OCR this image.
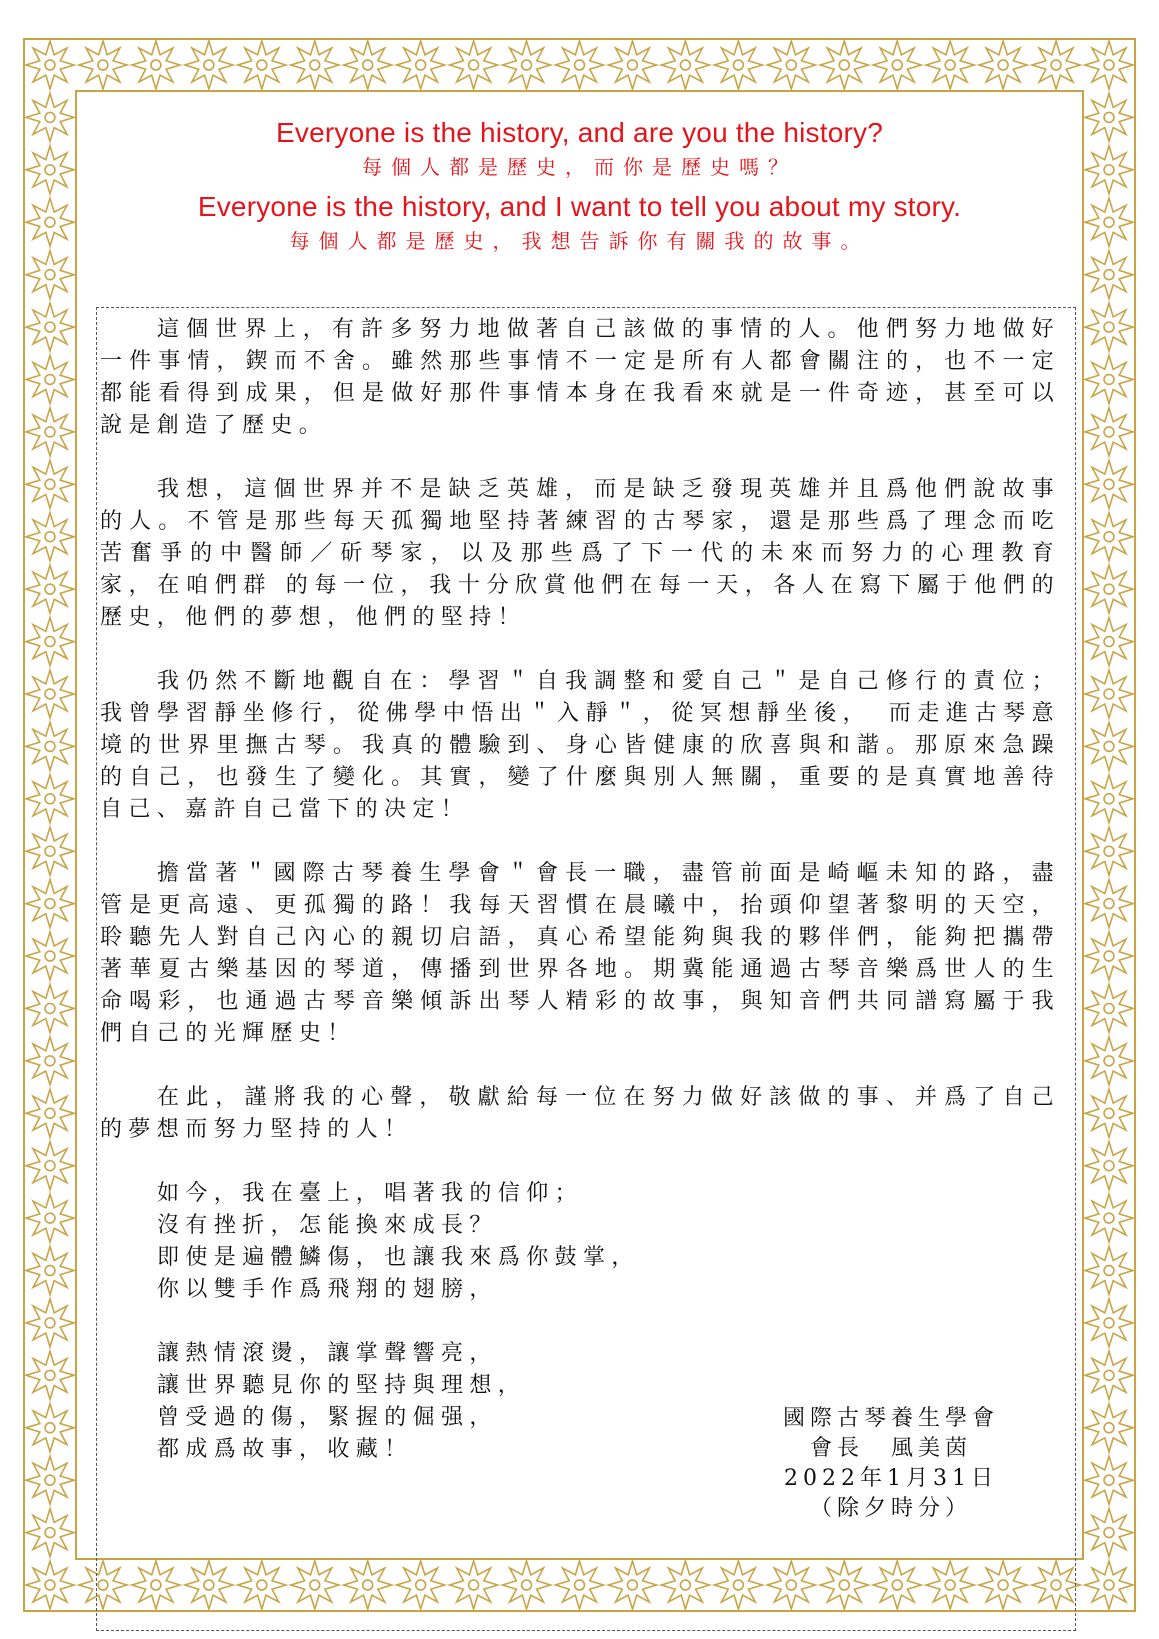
Everyone is the history, and are you the history?
每個人都是歷史，而你是歷史嗎？
Everyone is the history, and I want to tell you about my story.
每個人都是歷史，我想告訴你有關我的故事。

這個世界上，有許多努力地做著自己該做的事情的人。他們努力地做好一件事情，鍥而不舍。雖然那些事情不一定是所有人都會關注的，也不一定都能看得到成果，但是做好那件事情本身在我看來就是一件奇迹，甚至可以說是創造了歷史。

我想，這個世界并不是缺乏英雄，而是缺乏發現英雄并且爲他們說故事的人。不管是那些每天孤獨地堅持著練習的古琴家，還是那些爲了理念而吃苦奮爭的中醫師／斫琴家，以及那些爲了下一代的未來而努力的心理教育家，在咱們群 的每一位，我十分欣賞他們在每一天，各人在寫下屬于他們的歷史，他們的夢想，他們的堅持！

我仍然不斷地觀自在：學習＂自我調整和愛自己＂是自己修行的責位；我曾學習靜坐修行，從佛學中悟出＂入靜＂，從冥想靜坐後，　而走進古琴意境的世界里撫古琴。我真的體驗到、身心皆健康的欣喜與和諧。那原來急躁的自己，也發生了變化。其實，變了什麼與別人無關，重要的是真實地善待自己、嘉許自己當下的决定！

擔當著＂國際古琴養生學會＂會長一職，盡管前面是崎嶇未知的路，盡管是更高遠、更孤獨的路！我每天習慣在晨曦中，抬頭仰望著黎明的天空，聆聽先人對自己內心的親切启語，真心希望能夠與我的夥伴們，能夠把攜帶著華夏古樂基因的琴道，傳播到世界各地。期冀能通過古琴音樂爲世人的生命喝彩，也通過古琴音樂傾訴出琴人精彩的故事，與知音們共同譜寫屬于我們自己的光輝歷史！

在此，謹將我的心聲，敬獻給每一位在努力做好該做的事、并爲了自己的夢想而努力堅持的人！

如今，我在臺上，唱著我的信仰；
沒有挫折，怎能換來成長？
即使是遍體鱗傷，也讓我來爲你鼓掌，
你以雙手作爲飛翔的翅膀，
讓熱情滾燙，讓掌聲響亮，
讓世界聽見你的堅持與理想，
曾受過的傷，緊握的倔强，
都成爲故事，收藏！
國際古琴養生學會
會長　風美茵
2022年1月31日
（除夕時分）
